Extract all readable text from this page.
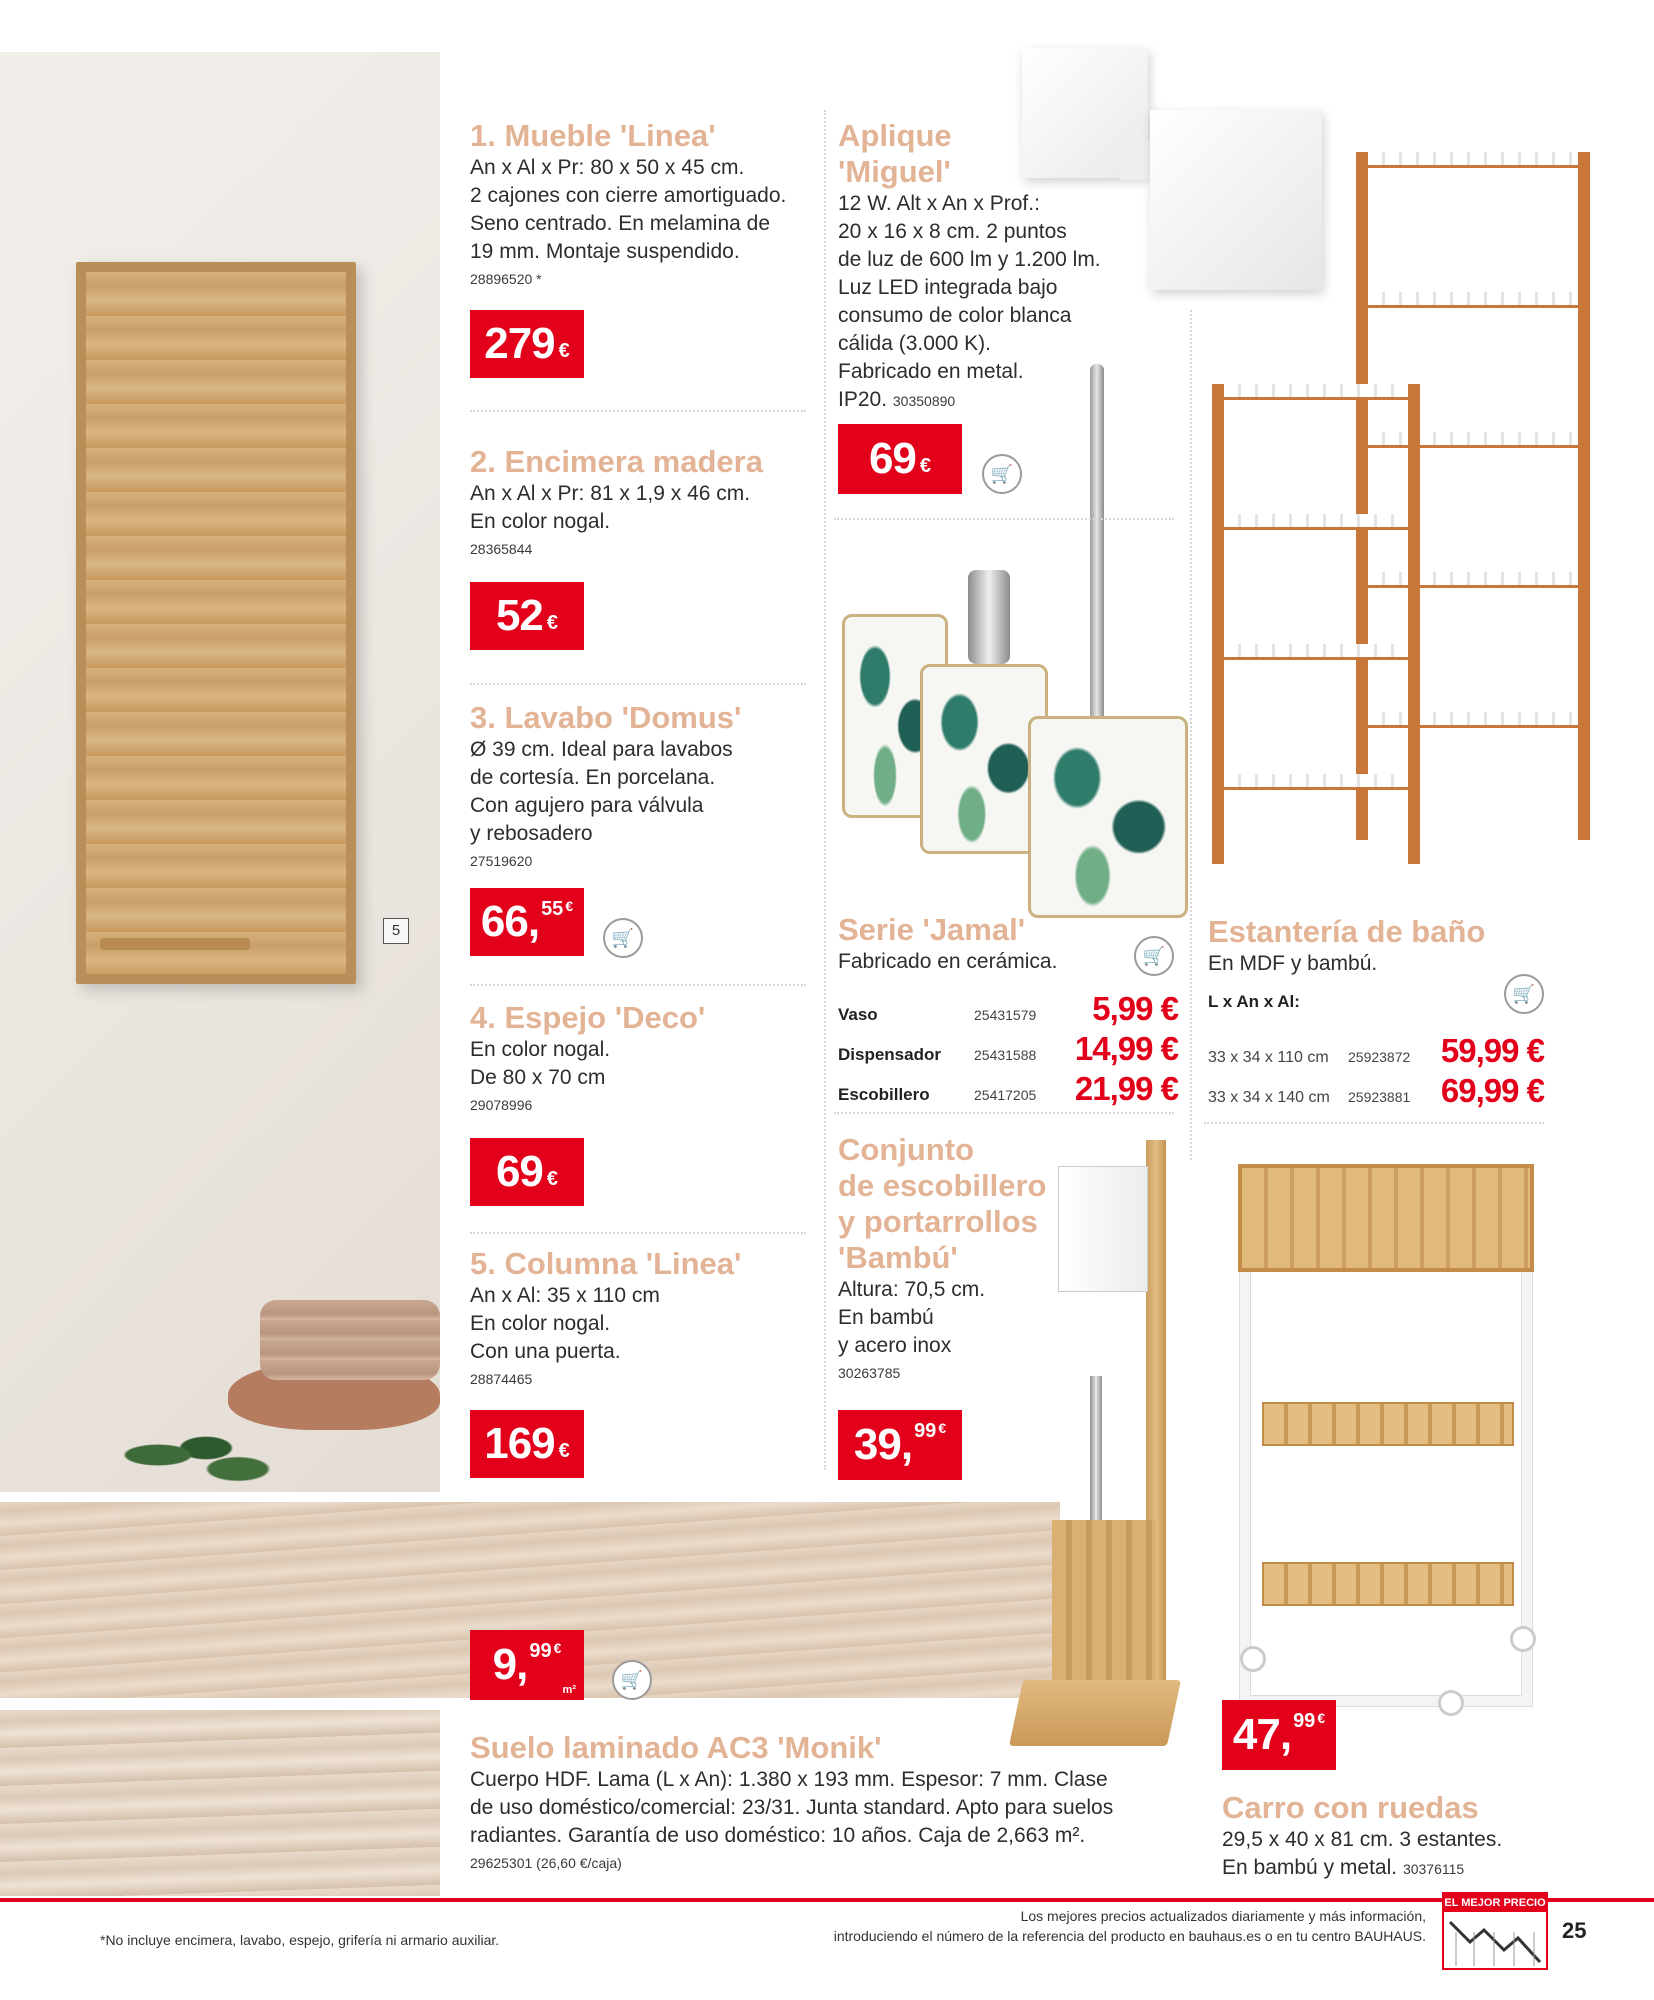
5
1. Mueble 'Linea'
An x Al x Pr: 80 x 50 x 45 cm.
2 cajones con cierre amortiguado.
Seno centrado. En melamina de
19 mm. Montaje suspendido.
28896520 *
279 €
2. Encimera madera
An x Al x Pr: 81 x 1,9 x 46 cm.
En color nogal.
28365844
52 €
3. Lavabo 'Domus'
Ø 39 cm. Ideal para lavabos
de cortesía. En porcelana.
Con agujero para válvula
y rebosadero
27519620
66, 55 €
🛒
4. Espejo 'Deco'
En color nogal.
De 80 x 70 cm
29078996
69 €
5. Columna 'Linea'
An x Al: 35 x 110 cm
En color nogal.
Con una puerta.
28874465
169 €
Aplique
'Miguel'
12 W. Alt x An x Prof.:
20 x 16 x 8 cm. 2 puntos
de luz de 600 lm y 1.200 lm.
Luz LED integrada bajo
consumo de color blanca
cálida (3.000 K).
Fabricado en metal.
IP20. 30350890
69 €	🛒
Serie 'Jamal'
Fabricado en cerámica.	🛒
Vaso	25431579	5,99 €
Dispensador	25431588	14,99 €
Escobillero	25417205	21,99 €
Conjunto
de escobillero
y portarrollos
'Bambú'
Altura: 70,5 cm.
En bambú
y acero inox
30263785
39, 99 €
Estantería de baño
En MDF y bambú.
🛒
L x An x Al:
33 x 34 x 110 cm	25923872 59,99 €
33 x 34 x 140 cm	25923881 69,99 €
47, 99 €
Carro con ruedas
29,5 x 40 x 81 cm. 3 estantes.
En bambú y metal. 30376115
9, 99 €
m²	🛒
Suelo laminado AC3 'Monik'
Cuerpo HDF. Lama (L x An): 1.380 x 193 mm. Espesor: 7 mm. Clase
de uso doméstico/comercial: 23/31. Junta standard. Apto para suelos
radiantes. Garantía de uso doméstico: 10 años. Caja de 2,663 m².
29625301 (26,60 €/caja)
*No incluye encimera, lavabo, espejo, grifería ni armario auxiliar.
Los mejores precios actualizados diariamente y más información,
introduciendo el número de la referencia del producto en bauhaus.es o en tu centro BAUHAUS.
EL MEJOR PRECIO
25
